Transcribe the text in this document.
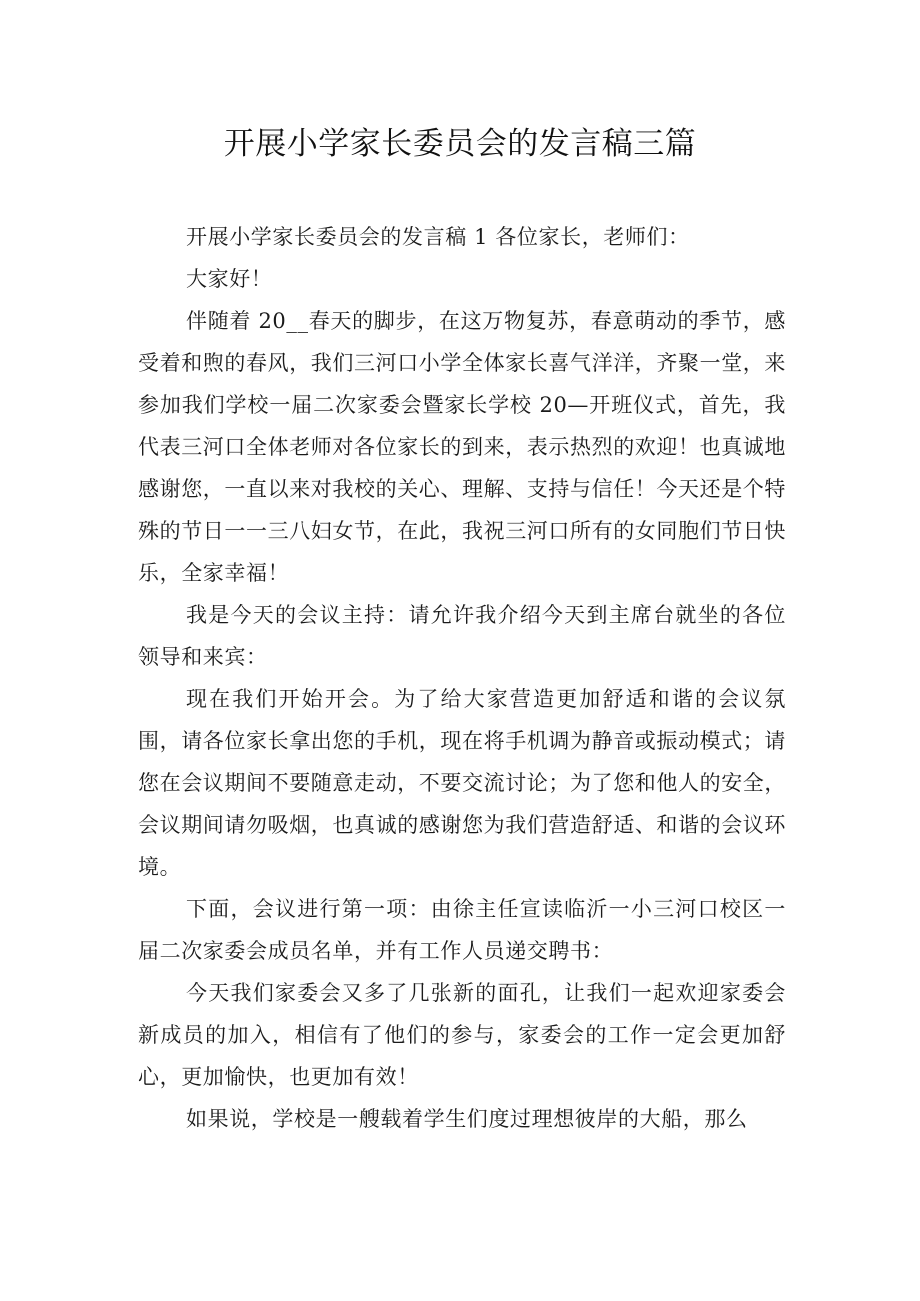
开展小学家长委员会的发言稿三篇

开展小学家长委员会的发言稿 1 各位家长，老师们：

大家好！

伴随着 20__春天的脚步，在这万物复苏，春意萌动的季节，感受着和煦的春风，我们三河口小学全体家长喜气洋洋，齐聚一堂，来参加我们学校一届二次家委会暨家长学校 20—开班仪式，首先，我代表三河口全体老师对各位家长的到来，表示热烈的欢迎！也真诚地感谢您，一直以来对我校的关心、理解、支持与信任！今天还是个特殊的节日一一三八妇女节，在此，我祝三河口所有的女同胞们节日快乐，全家幸福！

我是今天的会议主持：请允许我介绍今天到主席台就坐的各位领导和来宾：

现在我们开始开会。为了给大家营造更加舒适和谐的会议氛围，请各位家长拿出您的手机，现在将手机调为静音或振动模式；请您在会议期间不要随意走动，不要交流讨论；为了您和他人的安全，会议期间请勿吸烟，也真诚的感谢您为我们营造舒适、和谐的会议环境。

下面，会议进行第一项：由徐主任宣读临沂一小三河口校区一届二次家委会成员名单，并有工作人员递交聘书：

今天我们家委会又多了几张新的面孔，让我们一起欢迎家委会新成员的加入，相信有了他们的参与，家委会的工作一定会更加舒心，更加愉快，也更加有效！

如果说，学校是一艘载着学生们度过理想彼岸的大船，那么
